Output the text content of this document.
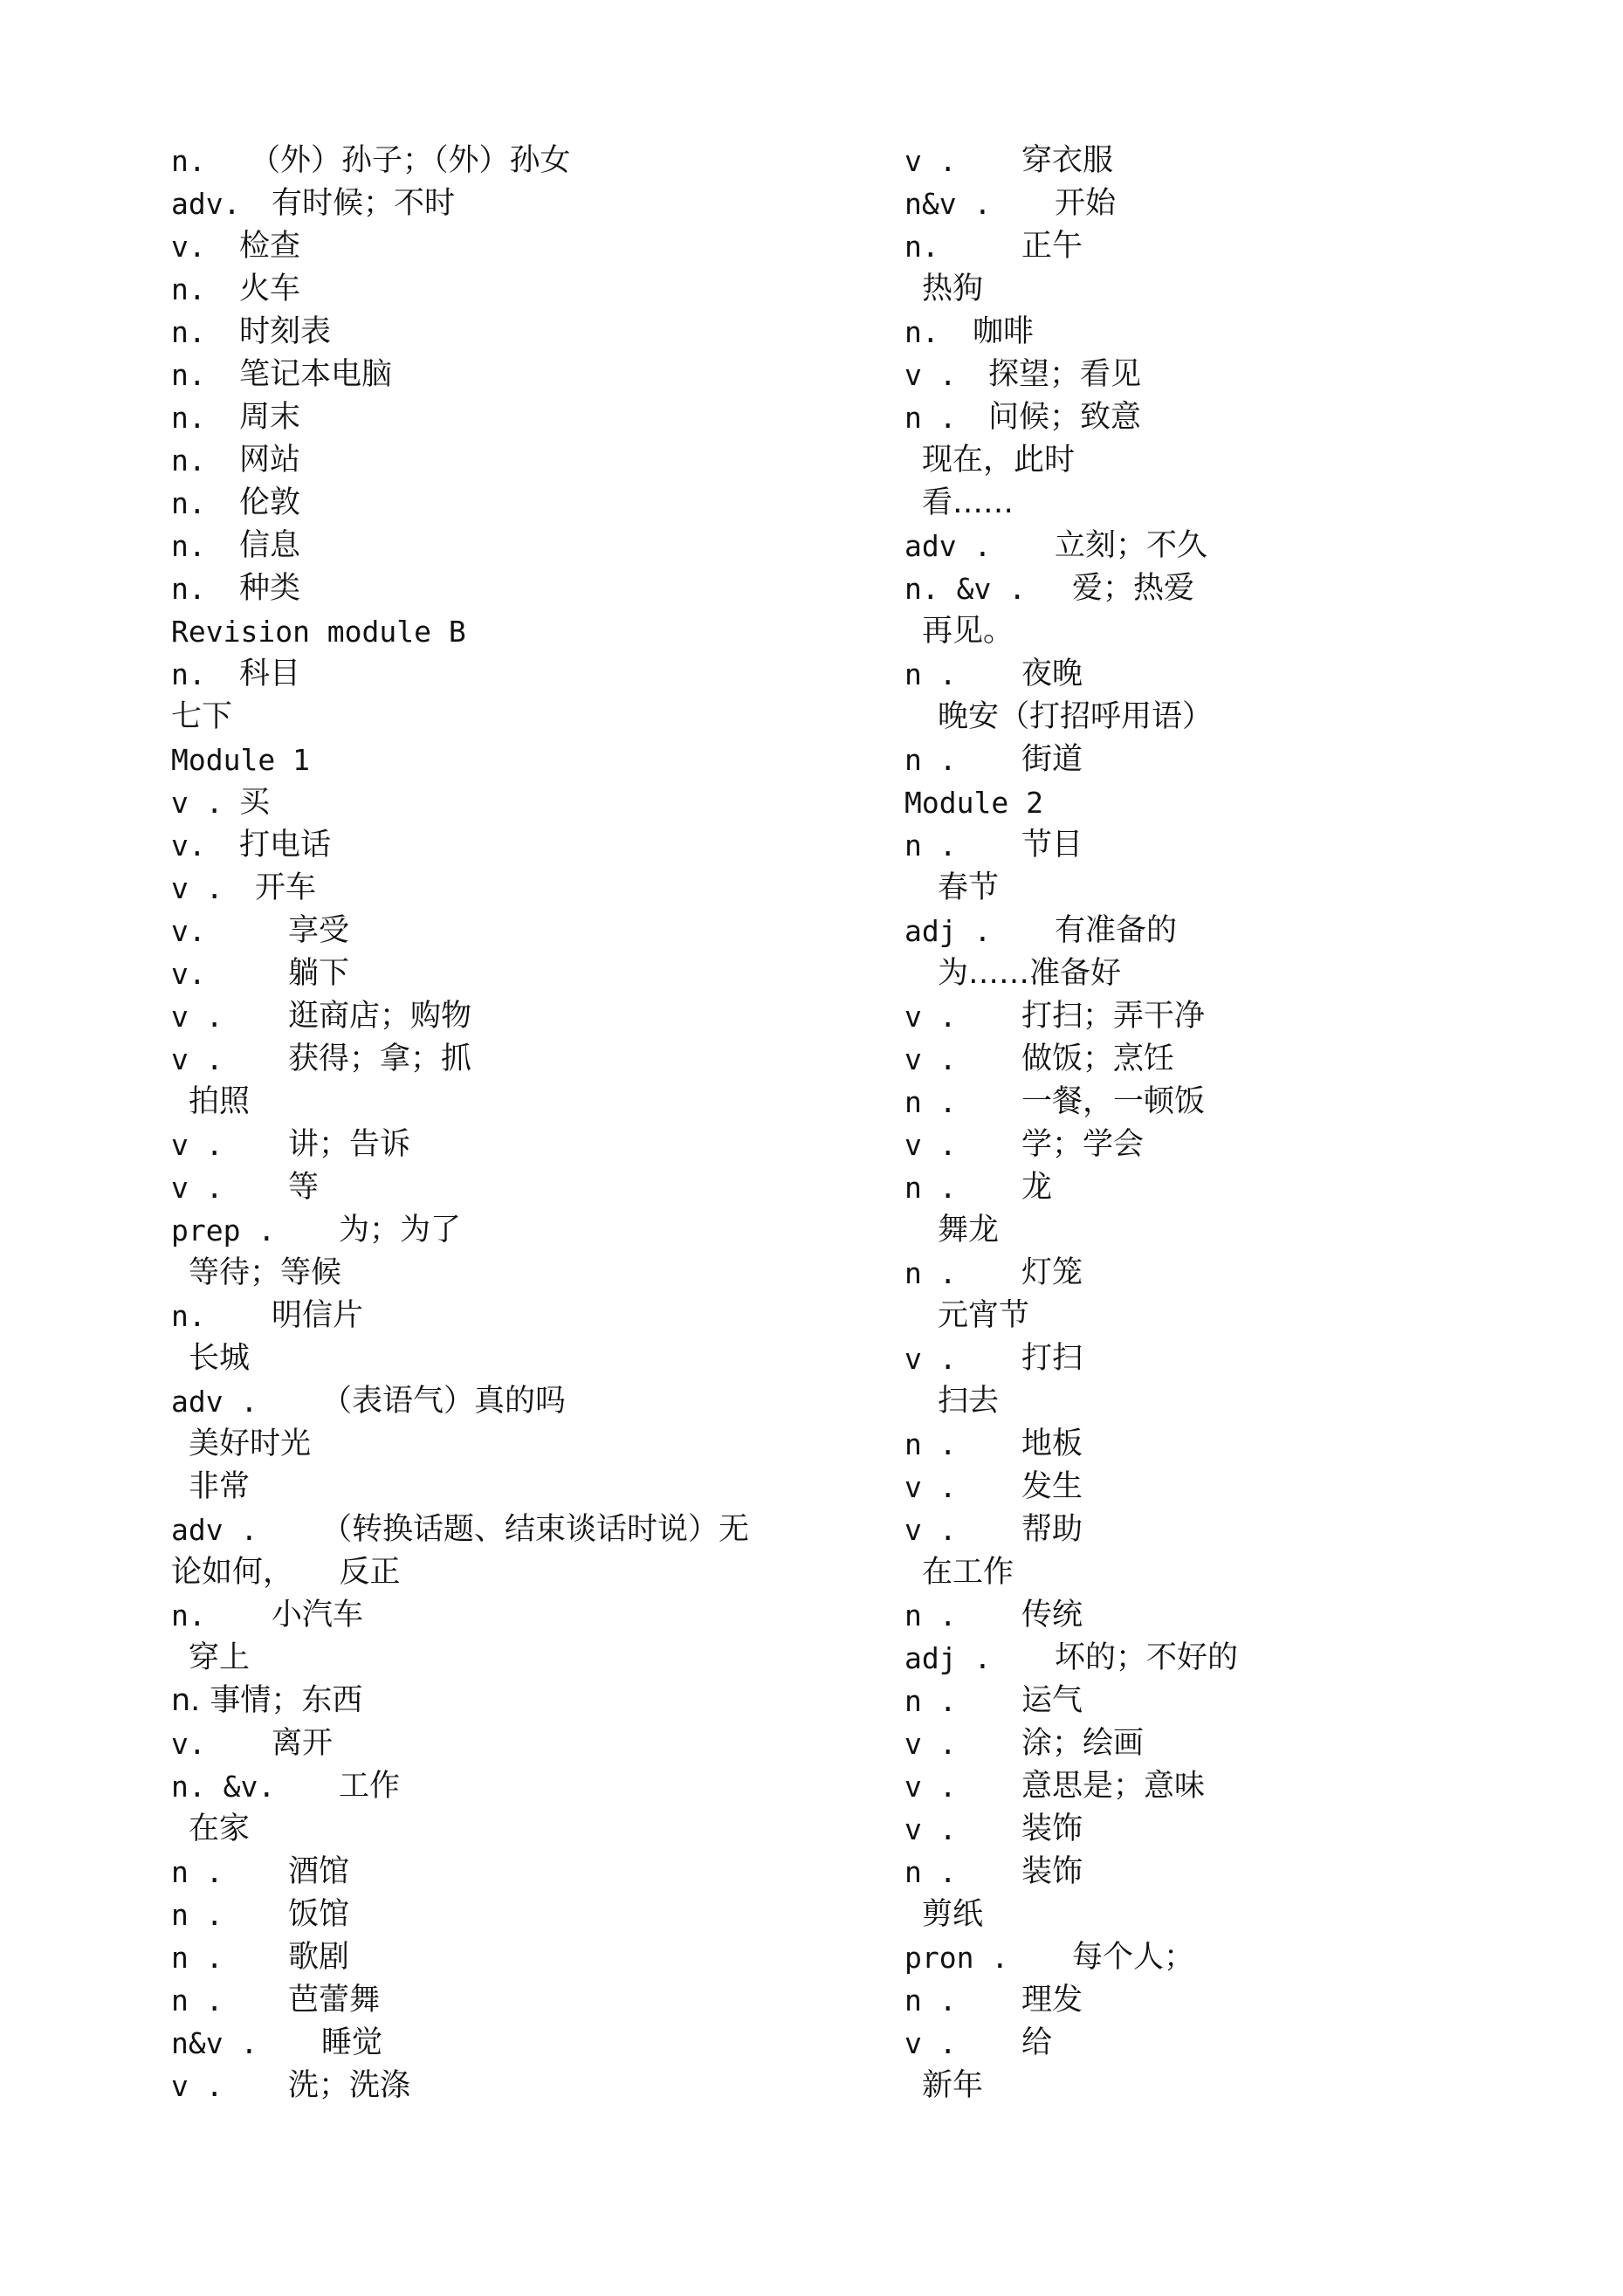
n. （外）孙子；（外）孙女
adv. 有时候；不时
v. 检查
n. 火车
n. 时刻表
n. 笔记本电脑
n. 周末
n. 网站
n. 伦敦
n. 信息
n. 种类
Revision module B
n. 科目
七下
Module 1
v . 买
v. 打电话
v . 开车
v.	享受
v.	躺下
v . 逛商店；购物
v . 获得；拿；抓
拍照
v . 讲；告诉
v . 等
prep . 为；为了
等待；等候
n. 明信片
长城
adv . （表语气）真的吗
美好时光
非常
adv . （转换话题、结束谈话时说）无
论如何，　　反正
n. 小汽车
穿上
n. 事情；东西
v. 离开
n. &v. 工作
在家
n . 酒馆
n . 饭馆
n . 歌剧
n . 芭蕾舞
n&v . 睡觉
v . 洗；洗涤
v . 穿衣服
n&v . 开始
n.	正午
热狗
n. 咖啡
v . 探望；看见
n . 问候；致意
现在，此时
看……
adv . 立刻；不久
n. &v . 爱；热爱
再见。
n . 夜晚
晚安（打招呼用语）
n . 街道
Module 2
n . 节目
春节
adj . 有准备的
为……准备好
v . 打扫；弄干净
v . 做饭；烹饪
n . 一餐，一顿饭
v . 学；学会
n . 龙
舞龙
n . 灯笼
元宵节
v . 打扫
扫去
n . 地板
v . 发生
v . 帮助
在工作
n . 传统
adj . 坏的；不好的
n . 运气
v . 涂；绘画
v . 意思是；意味
v . 装饰
n . 装饰
剪纸
pron . 每个人；
n . 理发
v . 给
新年
